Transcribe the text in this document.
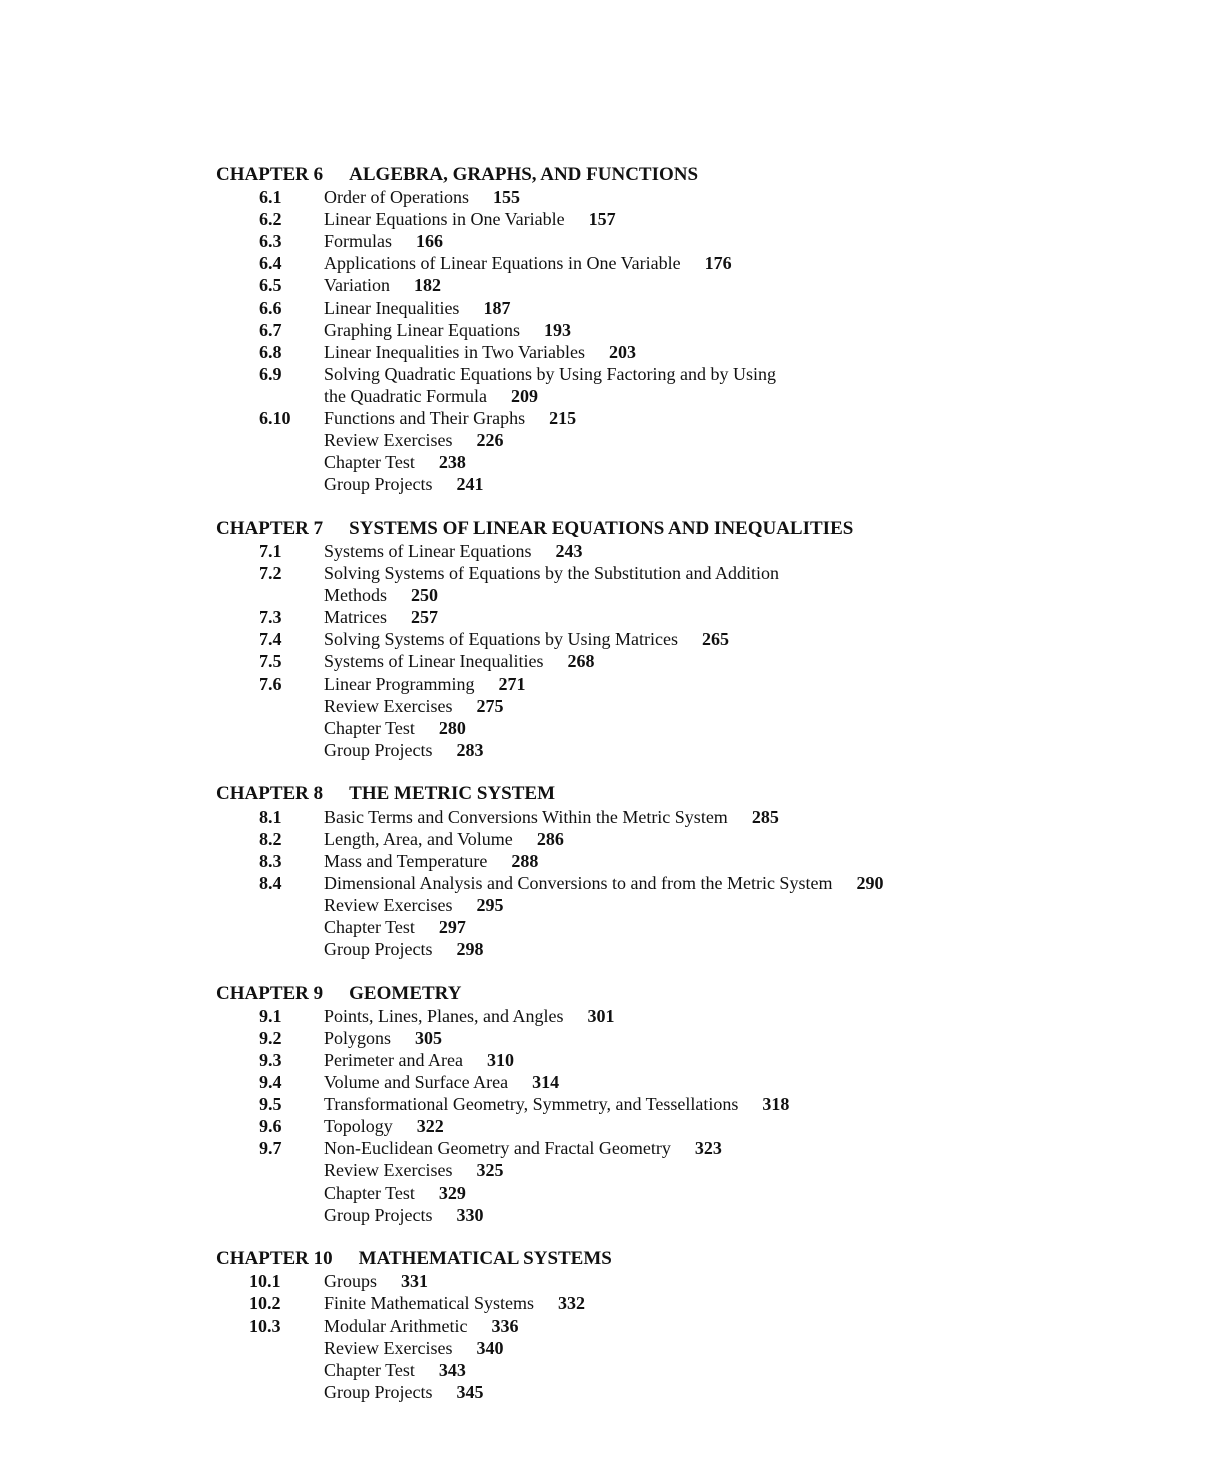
CHAPTER 6 ALGEBRA, GRAPHS, AND FUNCTIONS
6.1 Order of Operations 155
6.2 Linear Equations in One Variable 157
6.3 Formulas 166
6.4 Applications of Linear Equations in One Variable 176
6.5 Variation 182
6.6 Linear Inequalities 187
6.7 Graphing Linear Equations 193
6.8 Linear Inequalities in Two Variables 203
6.9 Solving Quadratic Equations by Using Factoring and by Using
the Quadratic Formula 209
6.10 Functions and Their Graphs 215
Review Exercises 226
Chapter Test 238
Group Projects 241
CHAPTER 7 SYSTEMS OF LINEAR EQUATIONS AND INEQUALITIES
7.1 Systems of Linear Equations 243
7.2 Solving Systems of Equations by the Substitution and Addition
Methods 250
7.3 Matrices 257
7.4 Solving Systems of Equations by Using Matrices 265
7.5 Systems of Linear Inequalities 268
7.6 Linear Programming 271
Review Exercises 275
Chapter Test 280
Group Projects 283
CHAPTER 8 THE METRIC SYSTEM
8.1 Basic Terms and Conversions Within the Metric System 285
8.2 Length, Area, and Volume 286
8.3 Mass and Temperature 288
8.4 Dimensional Analysis and Conversions to and from the Metric System 290
Review Exercises 295
Chapter Test 297
Group Projects 298
CHAPTER 9 GEOMETRY
9.1 Points, Lines, Planes, and Angles 301
9.2 Polygons 305
9.3 Perimeter and Area 310
9.4 Volume and Surface Area 314
9.5 Transformational Geometry, Symmetry, and Tessellations 318
9.6 Topology 322
9.7 Non-Euclidean Geometry and Fractal Geometry 323
Review Exercises 325
Chapter Test 329
Group Projects 330
CHAPTER 10 MATHEMATICAL SYSTEMS
10.1 Groups 331
10.2 Finite Mathematical Systems 332
10.3 Modular Arithmetic 336
Review Exercises 340
Chapter Test 343
Group Projects 345
